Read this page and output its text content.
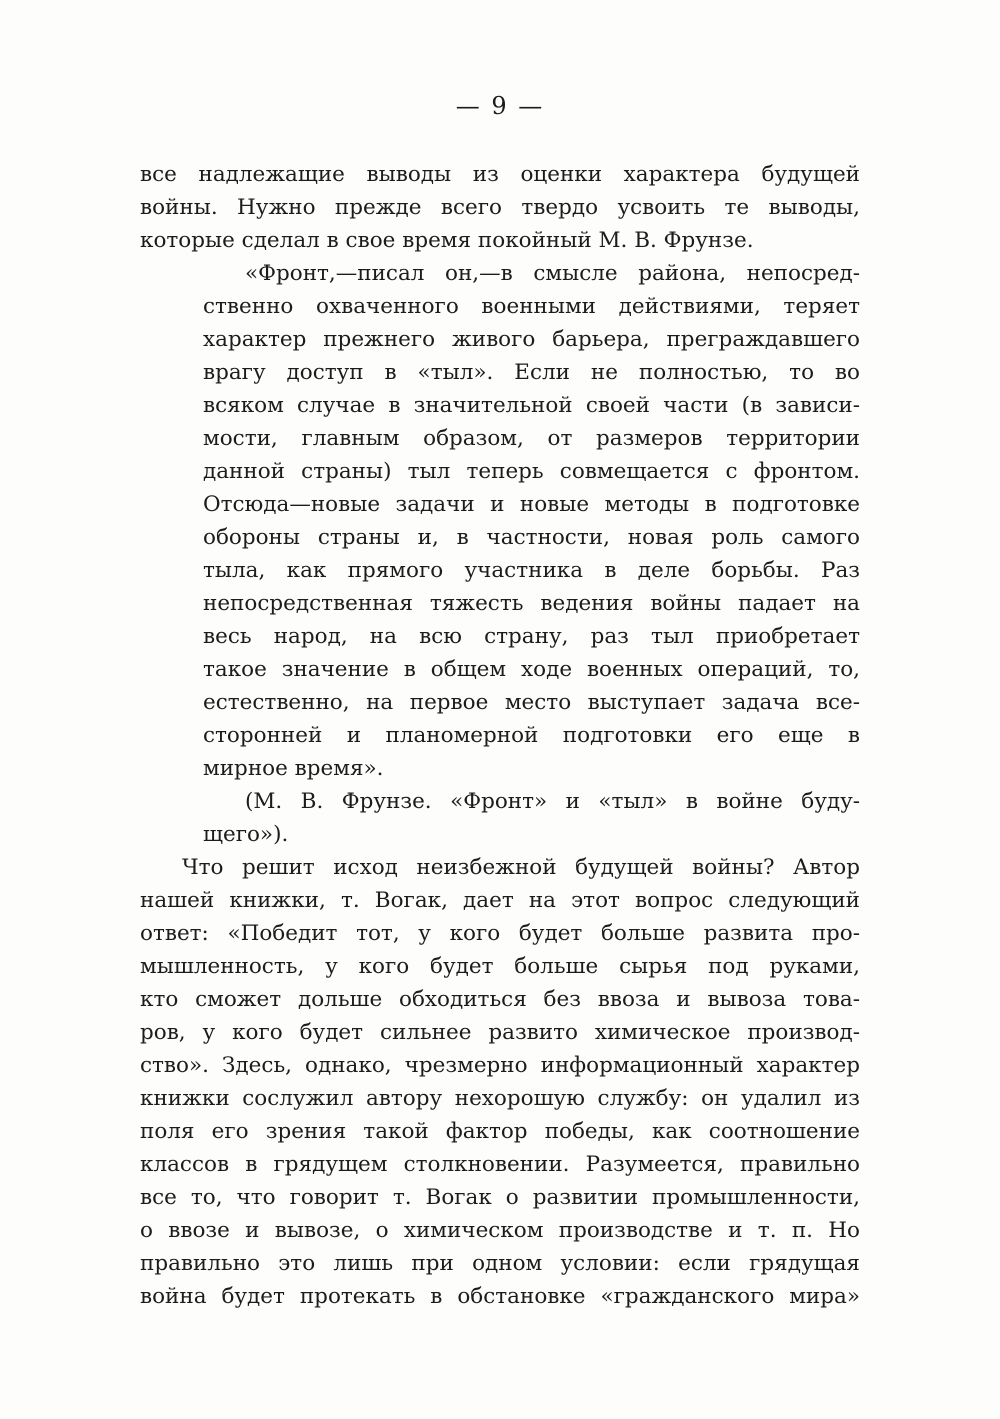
— 9 —
все надлежащие выводы из оценки характера будущей
войны. Нужно прежде всего твердо усвоить те выводы,
которые сделал в свое время покойный М. В. Фрунзе.
«Фронт,—писал он,—в смысле района, непосред-
ственно охваченного военными действиями, теряет
характер прежнего живого барьера, преграждавшего
врагу доступ в «тыл». Если не полностью, то во
всяком случае в значительной своей части (в зависи-
мости, главным образом, от размеров территории
данной страны) тыл теперь совмещается с фронтом.
Отсюда—новые задачи и новые методы в подготовке
обороны страны и, в частности, новая роль самого
тыла, как прямого участника в деле борьбы. Раз
непосредственная тяжесть ведения войны падает на
весь народ, на всю страну, раз тыл приобретает
такое значение в общем ходе военных операций, то,
естественно, на первое место выступает задача все-
сторонней и планомерной подготовки его еще в
мирное время».
(М. В. Фрунзе. «Фронт» и «тыл» в войне буду-
щего»).
Что решит исход неизбежной будущей войны? Автор
нашей книжки, т. Вогак, дает на этот вопрос следующий
ответ: «Победит тот, у кого будет больше развита про-
мышленность, у кого будет больше сырья под руками,
кто сможет дольше обходиться без ввоза и вывоза това-
ров, у кого будет сильнее развито химическое производ-
ство». Здесь, однако, чрезмерно информационный характер
книжки сослужил автору нехорошую службу: он удалил из
поля его зрения такой фактор победы, как соотношение
классов в грядущем столкновении. Разумеется, правильно
все то, что говорит т. Вогак о развитии промышленности,
о ввозе и вывозе, о химическом производстве и т. п. Но
правильно это лишь при одном условии: если грядущая
война будет протекать в обстановке «гражданского мира»
